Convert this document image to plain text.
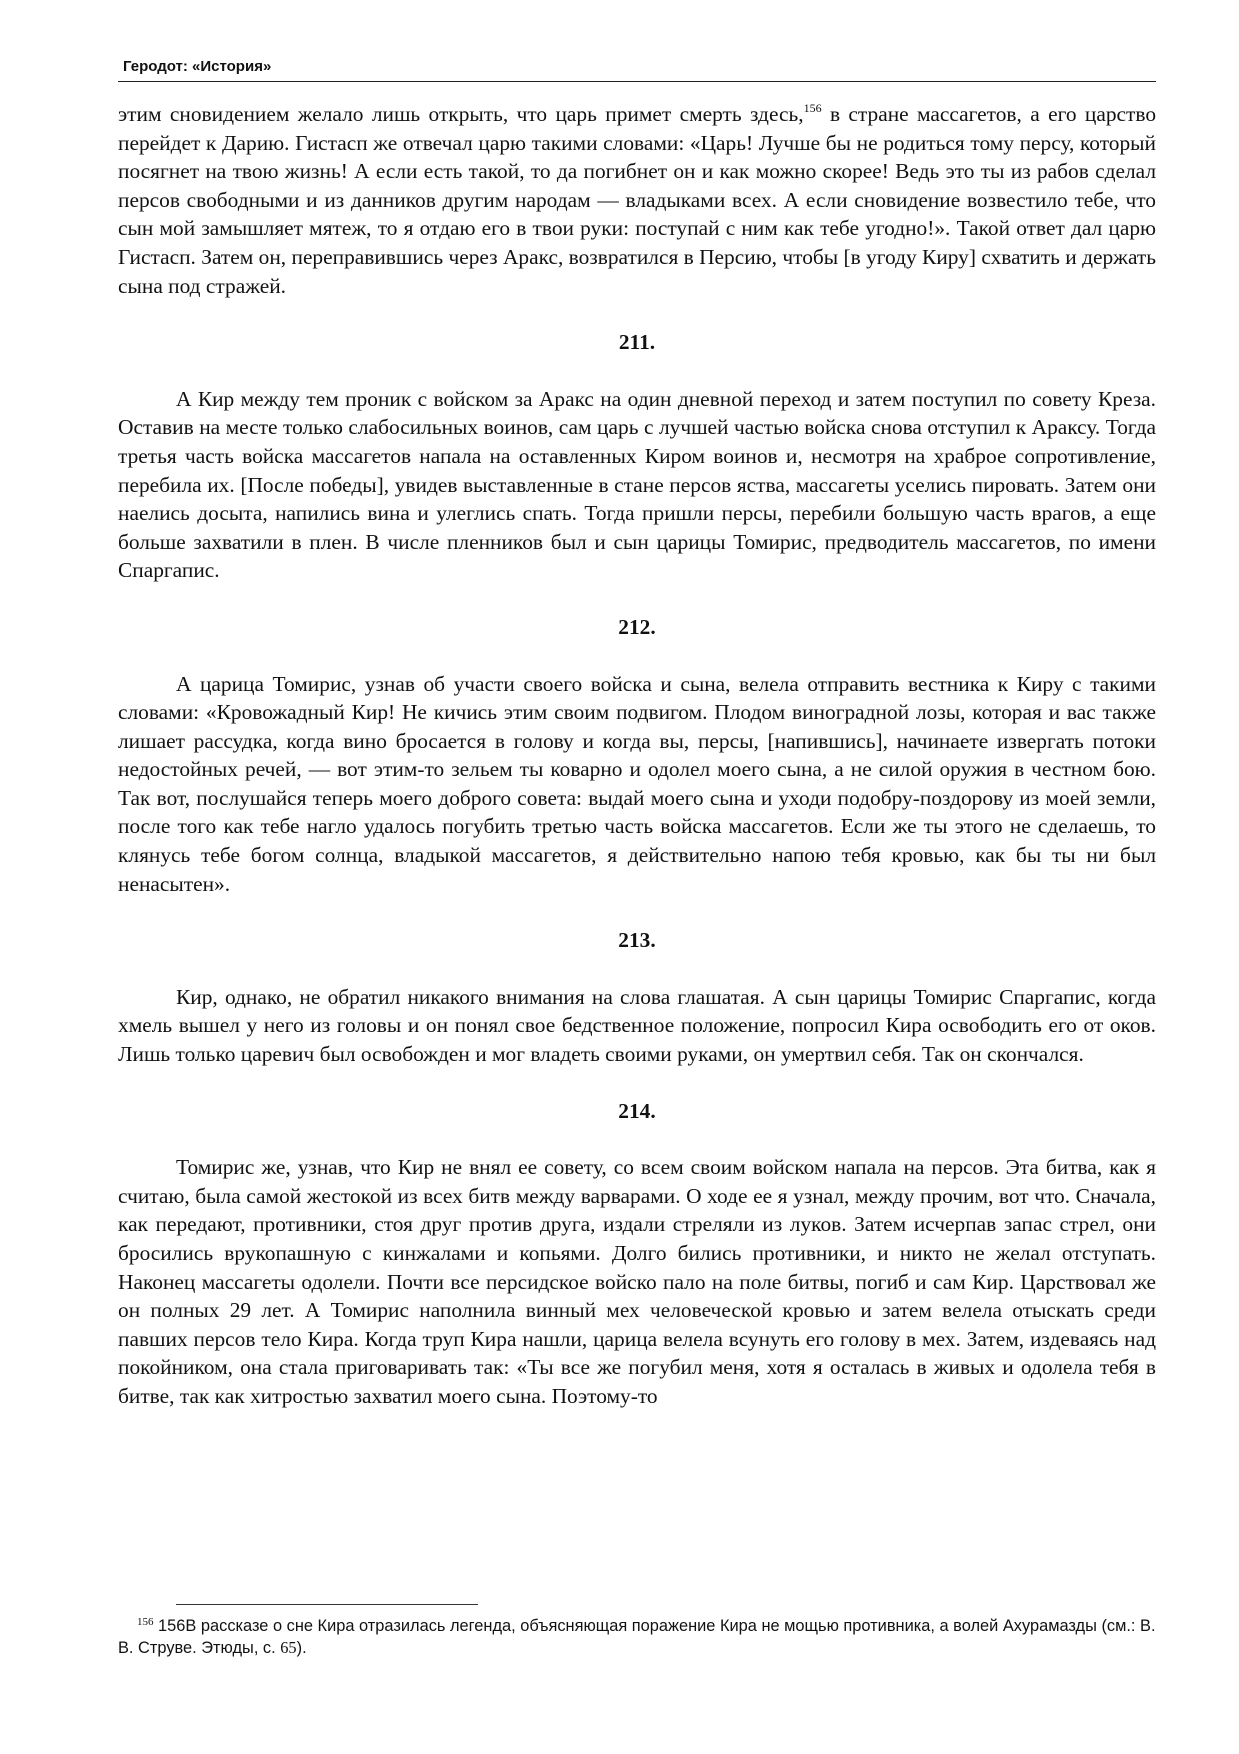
Геродот: «История»

этим сновидением желало лишь открыть, что царь примет смерть здесь,$^{156}$ в стране массагетов, а его царство перейдет к Дарию. Гистасп же отвечал царю такими словами: «Царь! Лучше бы не родиться тому персу, который посягнет на твою жизнь! А если есть такой, то да погибнет он и как можно скорее! Ведь это ты из рабов сделал персов свободными и из данников другим народам — владыками всех. А если сновидение возвестило тебе, что сын мой замышляет мятеж, то я отдаю его в твои руки: поступай с ним как тебе угодно!». Такой ответ дал царю Гистасп. Затем он, переправившись через Аракс, возвратился в Персию, чтобы [в угоду Киру] схватить и держать сына под стражей.

211.

А Кир между тем проник с войском за Аракс на один дневной переход и затем поступил по совету Креза. Оставив на месте только слабосильных воинов, сам царь с лучшей частью войска снова отступил к Араксу. Тогда третья часть войска массагетов напала на оставленных Киром воинов и, несмотря на храброе сопротивление, перебила их. [После победы], увидев выставленные в стане персов яства, массагеты уселись пировать. Затем они наелись досыта, напились вина и улеглись спать. Тогда пришли персы, перебили большую часть врагов, а еще больше захватили в плен. В числе пленников был и сын царицы Томирис, предводитель массагетов, по имени Спаргапис.

212.

А царица Томирис, узнав об участи своего войска и сына, велела отправить вестника к Киру с такими словами: «Кровожадный Кир! Не кичись этим своим подвигом. Плодом виноградной лозы, которая и вас также лишает рассудка, когда вино бросается в голову и когда вы, персы, [напившись], начинаете извергать потоки недостойных речей, — вот этим-то зельем ты коварно и одолел моего сына, а не силой оружия в честном бою. Так вот, послушайся теперь моего доброго совета: выдай моего сына и уходи подобру-поздорову из моей земли, после того как тебе нагло удалось погубить третью часть войска массагетов. Если же ты этого не сделаешь, то клянусь тебе богом солнца, владыкой массагетов, я действительно напою тебя кровью, как бы ты ни был ненасытен».

213.

Кир, однако, не обратил никакого внимания на слова глашатая. А сын царицы Томирис Спаргапис, когда хмель вышел у него из головы и он понял свое бедственное положение, попросил Кира освободить его от оков. Лишь только царевич был освобожден и мог владеть своими руками, он умертвил себя. Так он скончался.

214.

Томирис же, узнав, что Кир не внял ее совету, со всем своим войском напала на персов. Эта битва, как я считаю, была самой жестокой из всех битв между варварами. О ходе ее я узнал, между прочим, вот что. Сначала, как передают, противники, стоя друг против друга, издали стреляли из луков. Затем исчерпав запас стрел, они бросились врукопашную с кинжалами и копьями. Долго бились противники, и никто не желал отступать. Наконец массагеты одолели. Почти все персидское войско пало на поле битвы, погиб и сам Кир. Царствовал же он полных 29 лет. А Томирис наполнила винный мех человеческой кровью и затем велела отыскать среди павших персов тело Кира. Когда труп Кира нашли, царица велела всунуть его голову в мех. Затем, издеваясь над покойником, она стала приговаривать так: «Ты все же погубил меня, хотя я осталась в живых и одолела тебя в битве, так как хитростью захватил моего сына. Поэтому-то

$^{156}$ 156В рассказе о сне Кира отразилась легенда, объясняющая поражение Кира не мощью противника, а волей Ахурамазды (см.: В. В. Струве. Этюды, с. 65).
